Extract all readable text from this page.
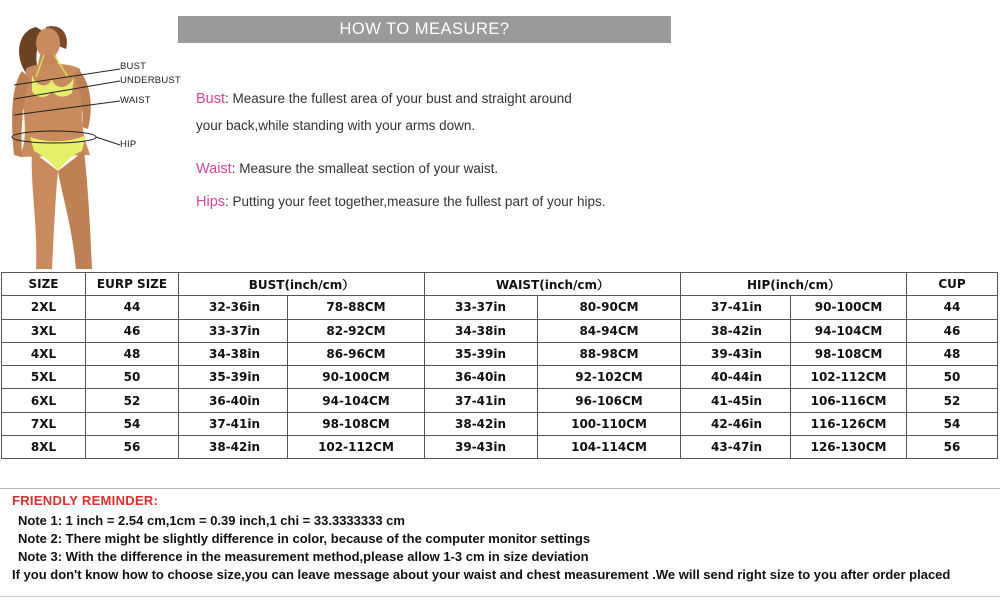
BUST
UNDERBUST
WAIST
HIP
HOW TO MEASURE?
Bust: Measure the fullest area of your bust and straight around
your back,while standing with your arms down.
Waist: Measure the smalleat section of your waist.
Hips: Putting your feet together,measure the fullest part of your hips.
SIZE	EURP SIZE	BUST(inch/cm）		WAIST(inch/cm）		HIP(inch/cm）		CUP
2XL	44	32-36in	78-88CM	33-37in	80-90CM	37-41in	90-100CM	44
3XL	46	33-37in	82-92CM	34-38in	84-94CM	38-42in	94-104CM	46
4XL	48	34-38in	86-96CM	35-39in	88-98CM	39-43in	98-108CM	48
5XL	50	35-39in	90-100CM	36-40in	92-102CM	40-44in	102-112CM	50
6XL	52	36-40in	94-104CM	37-41in	96-106CM	41-45in	106-116CM	52
7XL	54	37-41in	98-108CM	38-42in	100-110CM	42-46in	116-126CM	54
8XL	56	38-42in	102-112CM	39-43in	104-114CM	43-47in	126-130CM	56
FRIENDLY REMINDER:
Note 1: 1 inch = 2.54 cm,1cm = 0.39 inch,1 chi = 33.3333333 cm
Note 2: There might be slightly difference in color, because of the computer monitor settings
Note 3: With the difference in the measurement method,please allow 1-3 cm in size deviation
If you don't know how to choose size,you can leave message about your waist and chest measurement .We will send right size to you after order placed
